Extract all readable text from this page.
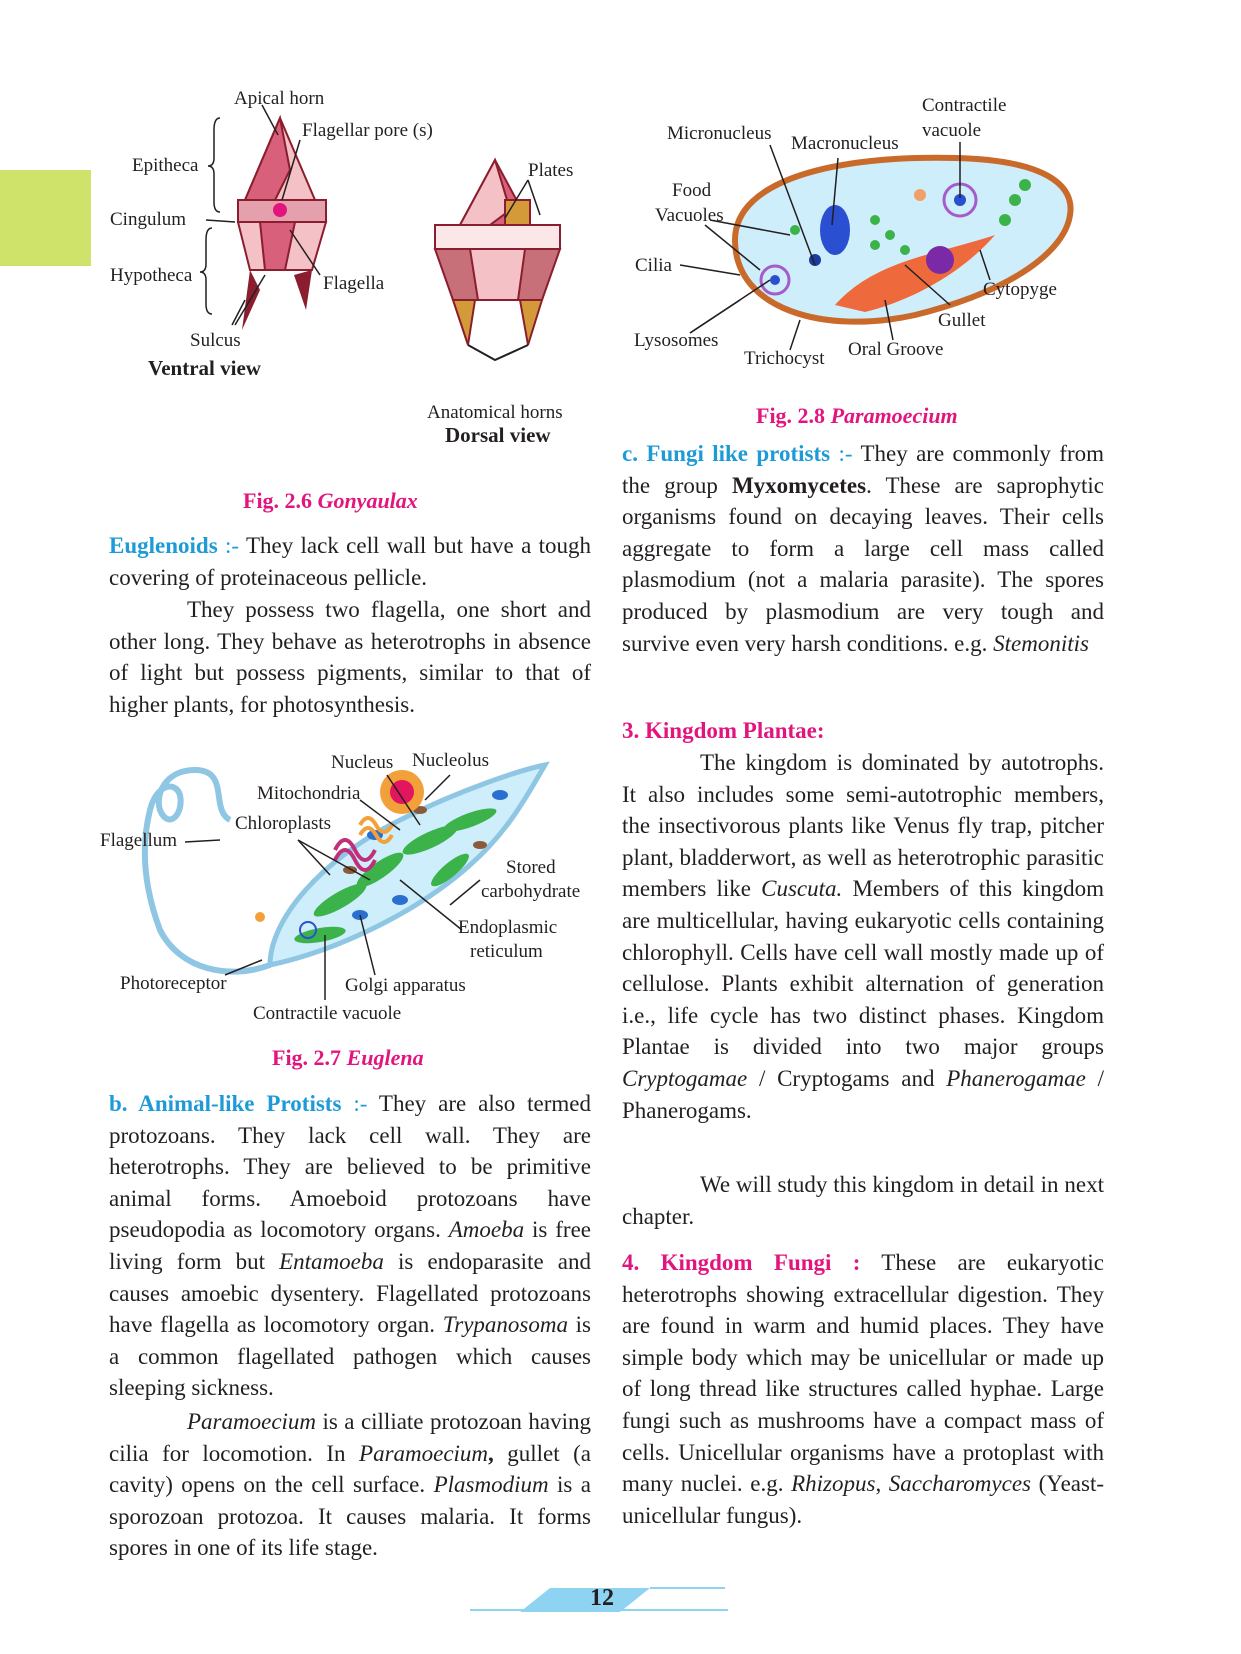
Apical horn
Flagellar pore (s)
Epitheca
Cingulum
Hypotheca	Flagella
Sulcus
Ventral view
Plates
Anatomical horns
Dorsal view
Fig. 2.6 Gonyaulax
Micronucleus Macronucleus
Contractile
vacuole
Food
Vacuoles
Cilia
Cytopyge
Gullet
Lysosomes	Oral Groove
Trichocyst
Fig. 2.8 Paramoecium
Nucleus Nucleolus
Mitochondria
Chloroplasts
Flagellum
Stored
carbohydrate
Endoplasmic
reticulum
Photoreceptor	Golgi apparatus
Contractile vacuole
Fig. 2.7 Euglena

Euglenoids :- They lack cell wall but have a tough covering of proteinaceous pellicle.

They possess two flagella, one short and other long. They behave as heterotrophs in absence of light but possess pigments, similar to that of higher plants, for photosynthesis.

b. Animal-like Protists :- They are also termed protozoans. They lack cell wall. They are heterotrophs. They are believed to be primitive animal forms. Amoeboid protozoans have pseudopodia as locomotory organs. Amoeba is free living form but Entamoeba is endoparasite and causes amoebic dysentery. Flagellated protozoans have flagella as locomotory organ. Trypanosoma is a common flagellated pathogen which causes sleeping sickness.

Paramoecium is a cilliate protozoan having cilia for locomotion. In Paramoecium, gullet (a cavity) opens on the cell surface. Plasmodium is a sporozoan protozoa. It causes malaria. It forms spores in one of its life stage.

c. Fungi like protists :- They are commonly from the group Myxomycetes. These are saprophytic organisms found on decaying leaves. Their cells aggregate to form a large cell mass called plasmodium (not a malaria parasite). The spores produced by plasmodium are very tough and survive even very harsh conditions. e.g. Stemonitis

3. Kingdom Plantae:

The kingdom is dominated by autotrophs. It also includes some semi-autotrophic members, the insectivorous plants like Venus fly trap, pitcher plant, bladderwort, as well as heterotrophic parasitic members like Cuscuta. Members of this kingdom are multicellular, having eukaryotic cells containing chlorophyll. Cells have cell wall mostly made up of cellulose. Plants exhibit alternation of generation i.e., life cycle has two distinct phases. Kingdom Plantae is divided into two major groups Cryptogamae / Cryptogams and Phanerogamae / Phanerogams.

We will study this kingdom in detail in next chapter.

4. Kingdom Fungi : These are eukaryotic heterotrophs showing extracellular digestion. They are found in warm and humid places. They have simple body which may be unicellular or made up of long thread like structures called hyphae. Large fungi such as mushrooms have a compact mass of cells. Unicellular organisms have a protoplast with many nuclei. e.g. Rhizopus, Saccharomyces (Yeast-unicellular fungus).

12
